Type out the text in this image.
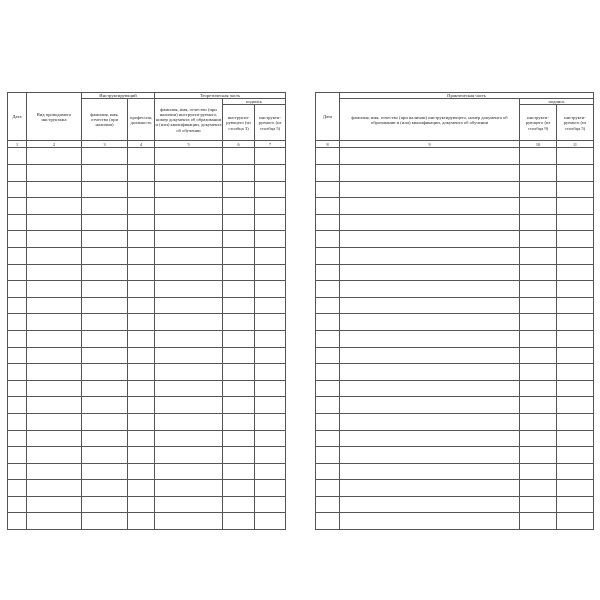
Дата	Вид проводимого инструктажа	Инструктирующий		Теоретическая часть		
		фамилия, имя, отчество (при наличии)	профессия, должность	фамилия, имя, отчество (при наличии) инструкти-руемого, номер документа об образовании и (или) квалификации, документа об обучении	подпись	
					инструкти-рующего (из столбца 3)	инструкти-руемого (из столбца 5)
1	2	3	4	5	6	7

Дата	Практическая часть		
	фамилия, имя, отчество (при наличии) инструктирующего, номер документа об образовании и (или) квалификации, документа об обучении	подпись	
		инструкти-рующего (из столбца 9)	инструкти-руемого (из столбца 5)
8	9	10	11
